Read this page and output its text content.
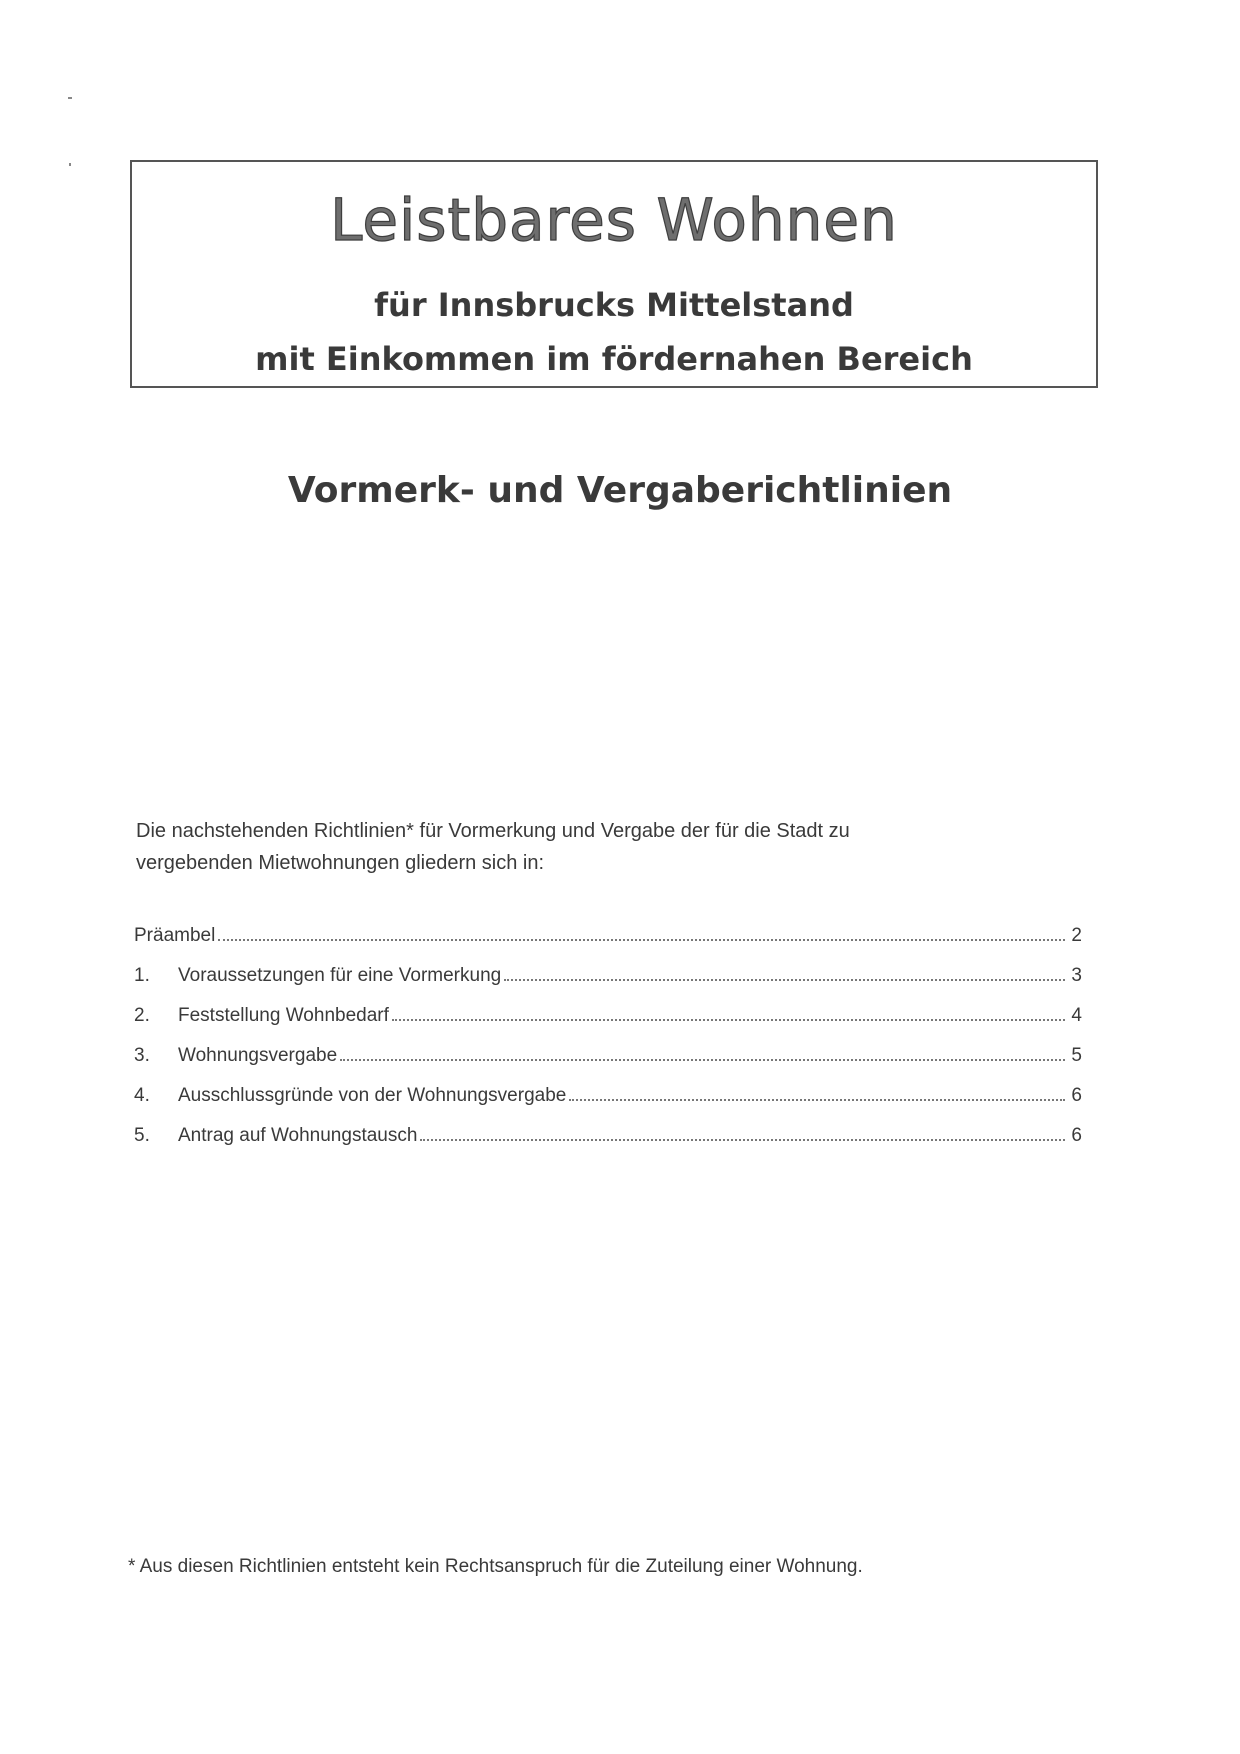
Leistbares Wohnen
für Innsbrucks Mittelstand
mit Einkommen im fördernahen Bereich
Vormerk- und Vergaberichtlinien
Die nachstehenden Richtlinien* für Vormerkung und Vergabe der für die Stadt zu
vergebenden Mietwohnungen gliedern sich in:
Präambel	2
1.	Voraussetzungen für eine Vormerkung	3
2.	Feststellung Wohnbedarf	4
3.	Wohnungsvergabe	5
4.	Ausschlussgründe von der Wohnungsvergabe	6
5.	Antrag auf Wohnungstausch	6
* Aus diesen Richtlinien entsteht kein Rechtsanspruch für die Zuteilung einer Wohnung.
